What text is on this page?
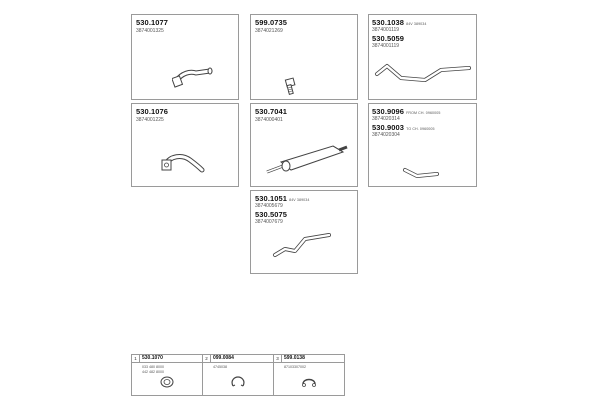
530.1077
3874001325
599.0735
3874021269
530.1038 84V 389034
3874001119
530.5059
3874001119
530.1076
3874001225
530.7041
3874000401
530.9096 FROM CH. 0960005
3874020314
530.9003 TO CH. 0960005
3874020304
530.1051 84V 389034
3874005679
530.5075
3874007679
1	530.1070
033 480 8000
442 482 8000
2	099.0084
4745038
3	599.0138
87103307002
